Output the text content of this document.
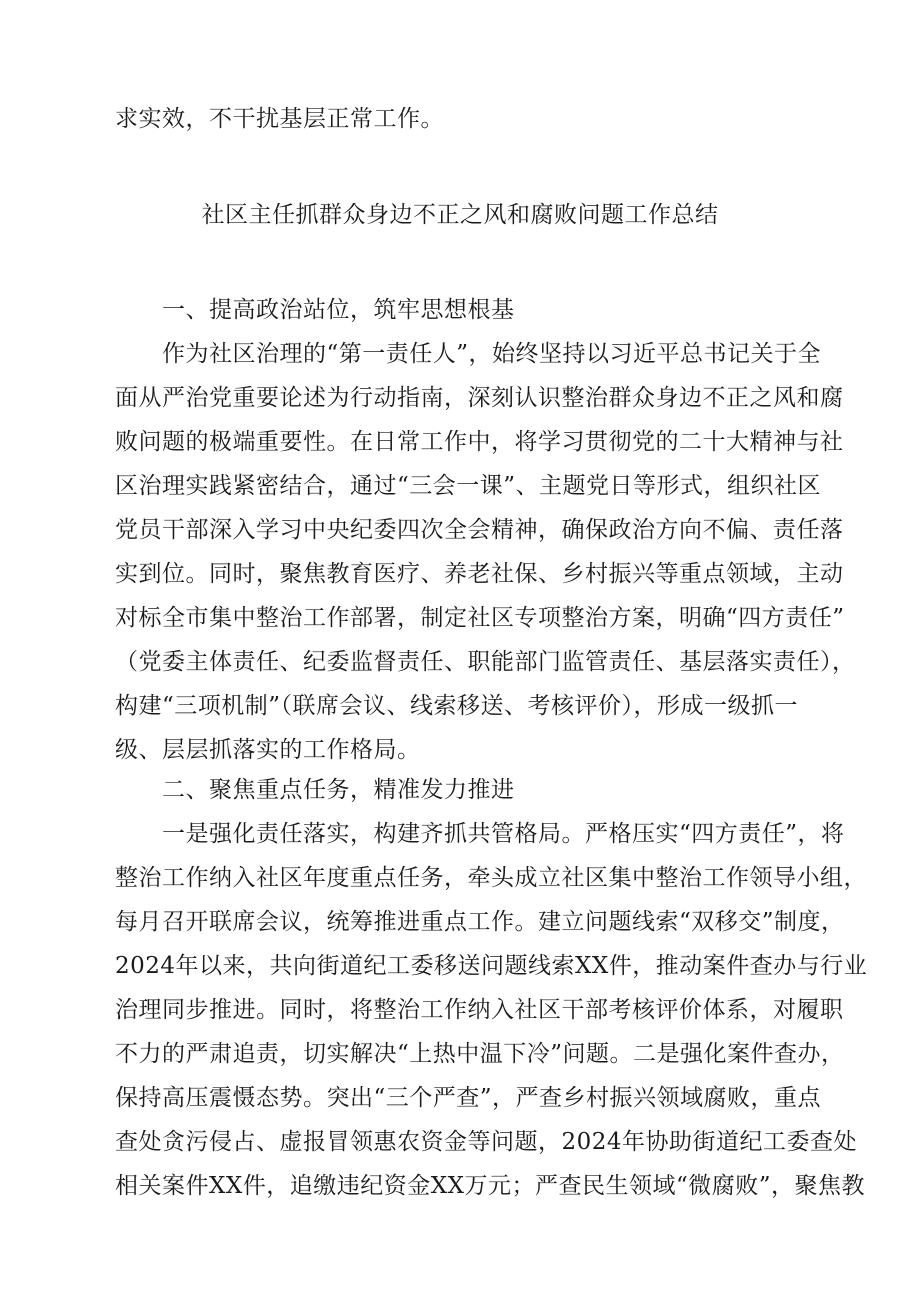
求实效，不干扰基层正常工作。
社区主任抓群众身边不正之风和腐败问题工作总结
一、提高政治站位，筑牢思想根基
作为社区治理的“第一责任人”，始终坚持以习近平总书记关于全
面从严治党重要论述为行动指南，深刻认识整治群众身边不正之风和腐
败问题的极端重要性。在日常工作中，将学习贯彻党的二十大精神与社
区治理实践紧密结合，通过“三会一课”、主题党日等形式，组织社区
党员干部深入学习中央纪委四次全会精神，确保政治方向不偏、责任落
实到位。同时，聚焦教育医疗、养老社保、乡村振兴等重点领域，主动
对标全市集中整治工作部署，制定社区专项整治方案，明确“四方责任”
（党委主体责任、纪委监督责任、职能部门监管责任、基层落实责任），
构建“三项机制”（联席会议、线索移送、考核评价），形成一级抓一
级、层层抓落实的工作格局。
二、聚焦重点任务，精准发力推进
一是强化责任落实，构建齐抓共管格局。严格压实“四方责任”，将
整治工作纳入社区年度重点任务，牵头成立社区集中整治工作领导小组，
每月召开联席会议，统筹推进重点工作。建立问题线索“双移交”制度，
2024年以来，共向街道纪工委移送问题线索XX件，推动案件查办与行业
治理同步推进。同时，将整治工作纳入社区干部考核评价体系，对履职
不力的严肃追责，切实解决“上热中温下冷”问题。二是强化案件查办，
保持高压震慑态势。突出“三个严查”，严查乡村振兴领域腐败，重点
查处贪污侵占、虚报冒领惠农资金等问题，2024年协助街道纪工委查处
相关案件XX件，追缴违纪资金XX万元；严查民生领域“微腐败”，聚焦教
